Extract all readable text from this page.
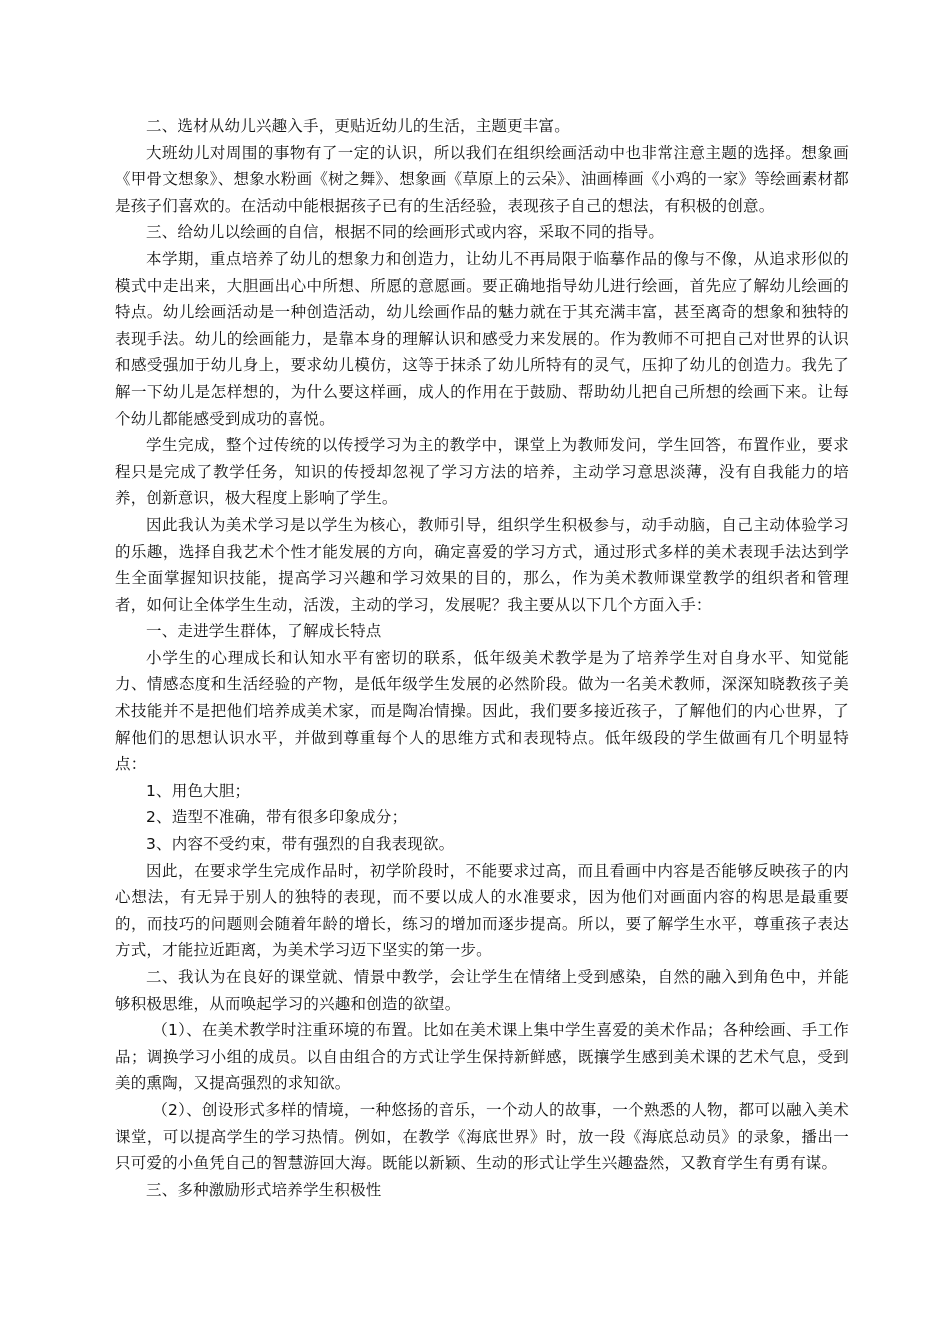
二、选材从幼儿兴趣入手，更贴近幼儿的生活，主题更丰富。

大班幼儿对周围的事物有了一定的认识，所以我们在组织绘画活动中也非常注意主题的选择。想象画《甲骨文想象》、想象水粉画《树之舞》、想象画《草原上的云朵》、油画棒画《小鸡的一家》等绘画素材都是孩子们喜欢的。在活动中能根据孩子已有的生活经验，表现孩子自己的想法，有积极的创意。

三、给幼儿以绘画的自信，根据不同的绘画形式或内容，采取不同的指导。

本学期，重点培养了幼儿的想象力和创造力，让幼儿不再局限于临摹作品的像与不像，从追求形似的模式中走出来，大胆画出心中所想、所愿的意愿画。要正确地指导幼儿进行绘画，首先应了解幼儿绘画的特点。幼儿绘画活动是一种创造活动，幼儿绘画作品的魅力就在于其充满丰富，甚至离奇的想象和独特的表现手法。幼儿的绘画能力，是靠本身的理解认识和感受力来发展的。作为教师不可把自己对世界的认识和感受强加于幼儿身上，要求幼儿模仿，这等于抹杀了幼儿所特有的灵气，压抑了幼儿的创造力。我先了解一下幼儿是怎样想的，为什么要这样画，成人的作用在于鼓励、帮助幼儿把自己所想的绘画下来。让每个幼儿都能感受到成功的喜悦。

学生完成，整个过传统的以传授学习为主的教学中，课堂上为教师发问，学生回答，布置作业，要求程只是完成了教学任务，知识的传授却忽视了学习方法的培养，主动学习意思淡薄，没有自我能力的培养，创新意识，极大程度上影响了学生。

因此我认为美术学习是以学生为核心，教师引导，组织学生积极参与，动手动脑，自己主动体验学习的乐趣，选择自我艺术个性才能发展的方向，确定喜爱的学习方式，通过形式多样的美术表现手法达到学生全面掌握知识技能，提高学习兴趣和学习效果的目的，那么，作为美术教师课堂教学的组织者和管理者，如何让全体学生生动，活泼，主动的学习，发展呢？我主要从以下几个方面入手：

一、走进学生群体，了解成长特点

小学生的心理成长和认知水平有密切的联系，低年级美术教学是为了培养学生对自身水平、知觉能力、情感态度和生活经验的产物，是低年级学生发展的必然阶段。做为一名美术教师，深深知晓教孩子美术技能并不是把他们培养成美术家，而是陶冶情操。因此，我们要多接近孩子，了解他们的内心世界，了解他们的思想认识水平，并做到尊重每个人的思维方式和表现特点。低年级段的学生做画有几个明显特点：

1、用色大胆；

2、造型不准确，带有很多印象成分；

3、内容不受约束，带有强烈的自我表现欲。

因此，在要求学生完成作品时，初学阶段时，不能要求过高，而且看画中内容是否能够反映孩子的内心想法，有无异于别人的独特的表现，而不要以成人的水准要求，因为他们对画面内容的构思是最重要的，而技巧的问题则会随着年龄的增长，练习的增加而逐步提高。所以，要了解学生水平，尊重孩子表达方式，才能拉近距离，为美术学习迈下坚实的第一步。

二、我认为在良好的课堂就、情景中教学，会让学生在情绪上受到感染，自然的融入到角色中，并能够积极思维，从而唤起学习的兴趣和创造的欲望。

（1）、在美术教学时注重环境的布置。比如在美术课上集中学生喜爱的美术作品；各种绘画、手工作品；调换学习小组的成员。以自由组合的方式让学生保持新鲜感，既攘学生感到美术课的艺术气息，受到美的熏陶，又提高强烈的求知欲。

（2）、创设形式多样的情境，一种悠扬的音乐，一个动人的故事，一个熟悉的人物，都可以融入美术课堂，可以提高学生的学习热情。例如，在教学《海底世界》时，放一段《海底总动员》的录象，播出一只可爱的小鱼凭自己的智慧游回大海。既能以新颖、生动的形式让学生兴趣盎然，又教育学生有勇有谋。

三、多种激励形式培养学生积极性
